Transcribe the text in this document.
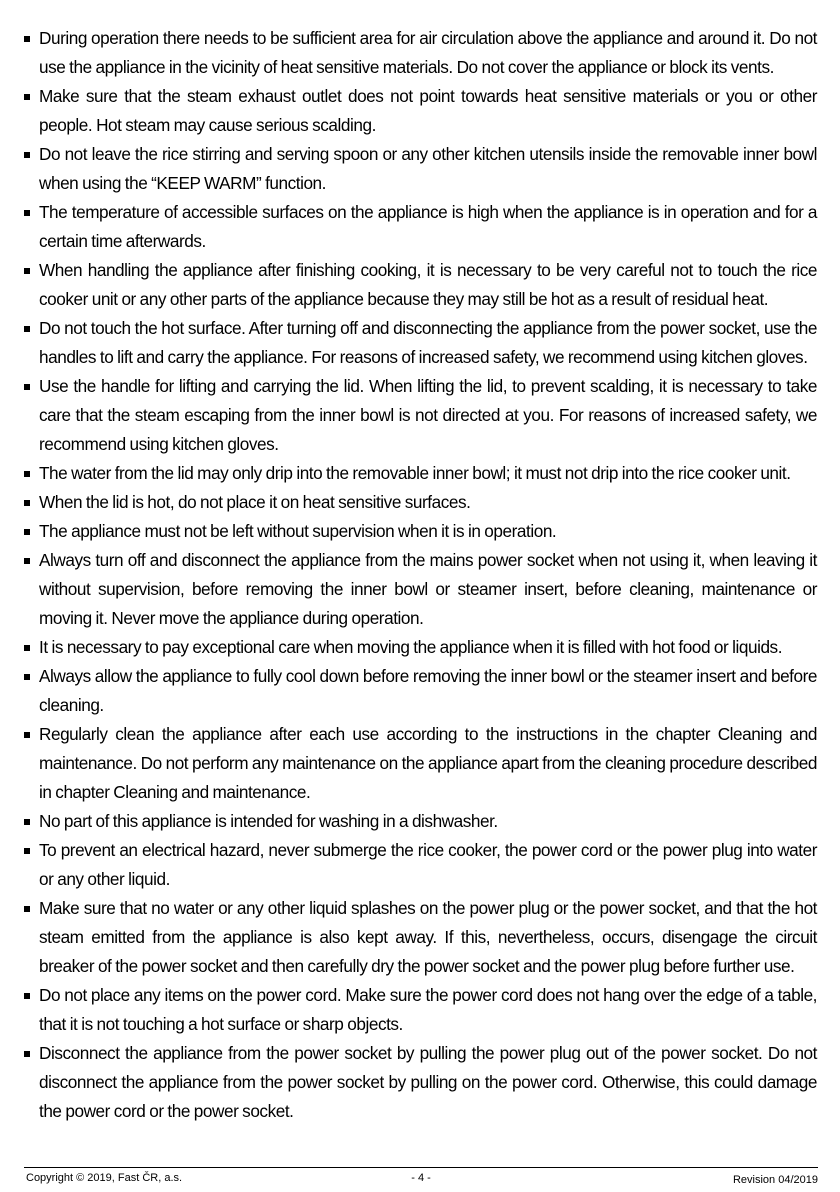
During operation there needs to be sufficient area for air circulation above the appliance and around it. Do not use the appliance in the vicinity of heat sensitive materials. Do not cover the appliance or block its vents.
Make sure that the steam exhaust outlet does not point towards heat sensitive materials or you or other people. Hot steam may cause serious scalding.
Do not leave the rice stirring and serving spoon or any other kitchen utensils inside the removable inner bowl when using the “KEEP WARM” function.
The temperature of accessible surfaces on the appliance is high when the appliance is in operation and for a certain time afterwards.
When handling the appliance after finishing cooking, it is necessary to be very careful not to touch the rice cooker unit or any other parts of the appliance because they may still be hot as a result of residual heat.
Do not touch the hot surface. After turning off and disconnecting the appliance from the power socket, use the handles to lift and carry the appliance. For reasons of increased safety, we recommend using kitchen gloves.
Use the handle for lifting and carrying the lid. When lifting the lid, to prevent scalding, it is necessary to take care that the steam escaping from the inner bowl is not directed at you. For reasons of increased safety, we recommend using kitchen gloves.
The water from the lid may only drip into the removable inner bowl; it must not drip into the rice cooker unit.
When the lid is hot, do not place it on heat sensitive surfaces.
The appliance must not be left without supervision when it is in operation.
Always turn off and disconnect the appliance from the mains power socket when not using it, when leaving it without supervision, before removing the inner bowl or steamer insert, before cleaning, maintenance or moving it. Never move the appliance during operation.
It is necessary to pay exceptional care when moving the appliance when it is filled with hot food or liquids.
Always allow the appliance to fully cool down before removing the inner bowl or the steamer insert and before cleaning.
Regularly clean the appliance after each use according to the instructions in the chapter Cleaning and maintenance. Do not perform any maintenance on the appliance apart from the cleaning procedure described in chapter Cleaning and maintenance.
No part of this appliance is intended for washing in a dishwasher.
To prevent an electrical hazard, never submerge the rice cooker, the power cord or the power plug into water or any other liquid.
Make sure that no water or any other liquid splashes on the power plug or the power socket, and that the hot steam emitted from the appliance is also kept away. If this, nevertheless, occurs, disengage the circuit breaker of the power socket and then carefully dry the power socket and the power plug before further use.
Do not place any items on the power cord. Make sure the power cord does not hang over the edge of a table, that it is not touching a hot surface or sharp objects.
Disconnect the appliance from the power socket by pulling the power plug out of the power socket. Do not disconnect the appliance from the power socket by pulling on the power cord. Otherwise, this could damage the power cord or the power socket.
Copyright © 2019, Fast ČR, a.s.	- 4 -	Revision 04/2019
